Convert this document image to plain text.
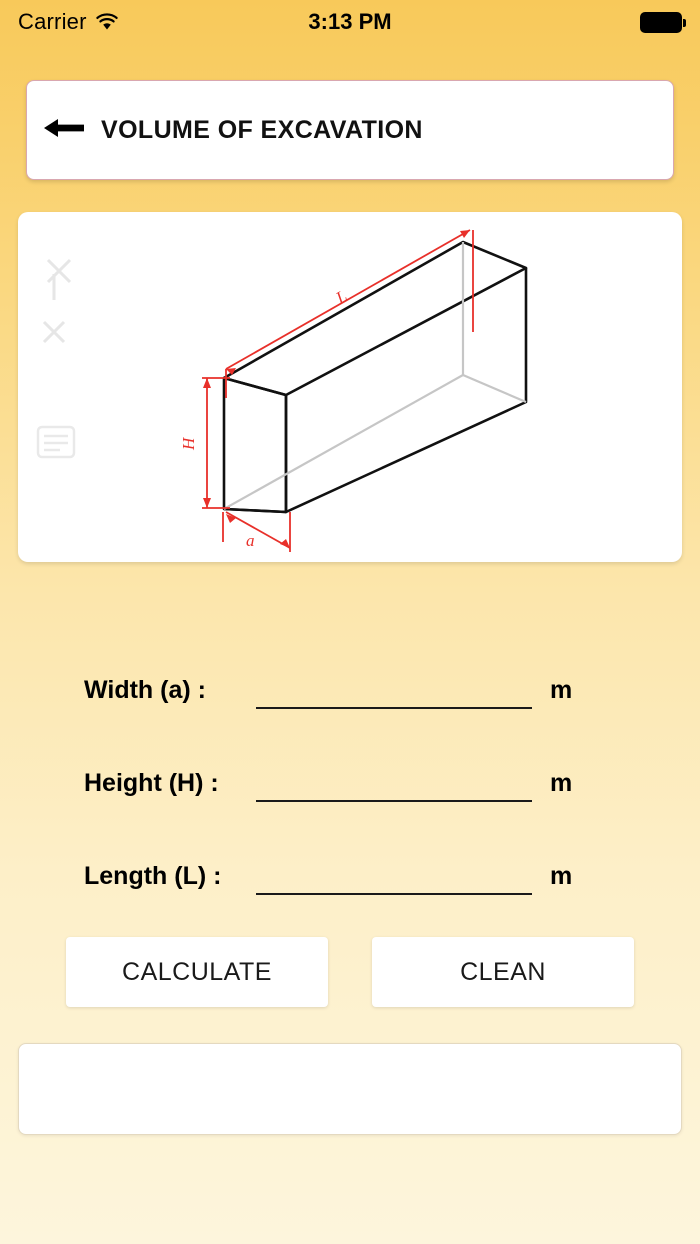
Carrier	3:13 PM
VOLUME OF EXCAVATION
L
H
a
Width (a) :	m
Height (H) :	m
Length (L) :	m
CALCULATE	CLEAN
